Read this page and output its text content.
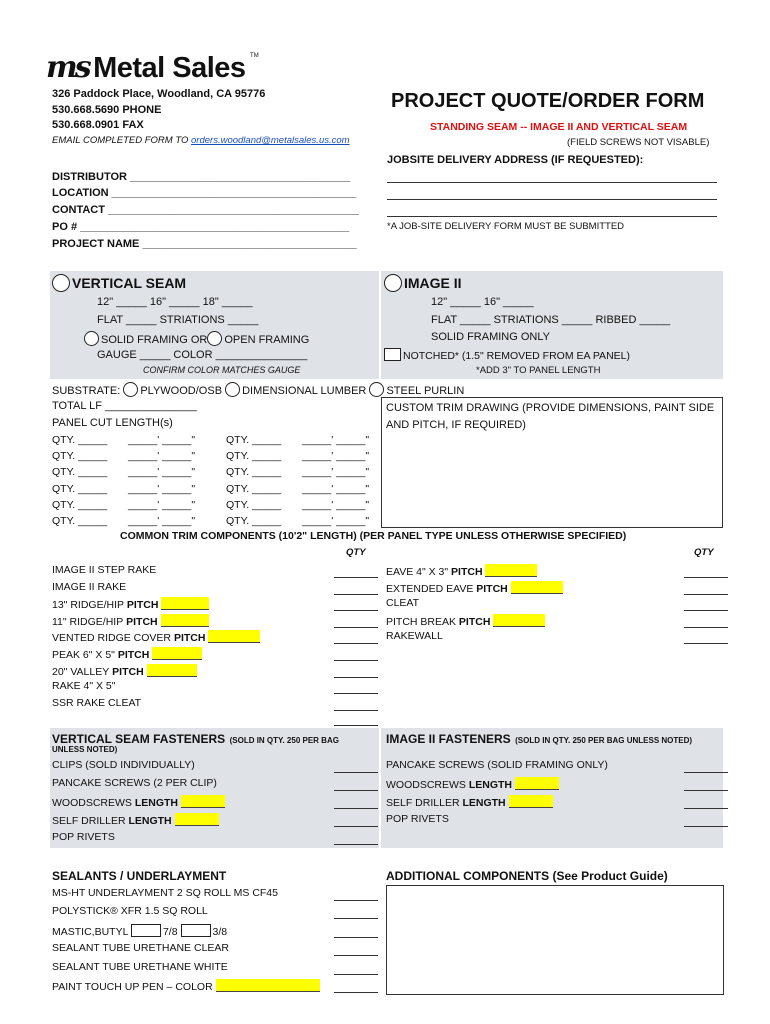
ms Metal Sales ™
326 Paddock Place, Woodland, CA 95776
530.668.5690 PHONE
530.668.0901 FAX
EMAIL COMPLETED FORM TO orders.woodland@metalsales.us.com
PROJECT QUOTE/ORDER FORM
STANDING SEAM -- IMAGE II AND VERTICAL SEAM
(FIELD SCREWS NOT VISABLE)
JOBSITE DELIVERY ADDRESS (IF REQUESTED):
*A JOB-SITE DELIVERY FORM MUST BE SUBMITTED
DISTRIBUTOR ____________________________________
LOCATION ________________________________________
CONTACT _________________________________________
PO # ____________________________________________
PROJECT NAME ___________________________________
VERTICAL SEAM
12" _____ 16" _____ 18" _____
FLAT _____ STRIATIONS _____
SOLID FRAMING OR OPEN FRAMING
GAUGE _____ COLOR _______________
CONFIRM COLOR MATCHES GAUGE
IMAGE II
12" _____ 16" _____
FLAT _____ STRIATIONS _____ RIBBED _____
SOLID FRAMING ONLY
NOTCHED* (1.5" REMOVED FROM EA PANEL)
*ADD 3" TO PANEL LENGTH
SUBSTRATE: PLYWOOD/OSB DIMENSIONAL LUMBER STEEL PURLIN
TOTAL LF _______________
PANEL CUT LENGTH(s)
CUSTOM TRIM DRAWING (PROVIDE DIMENSIONS, PAINT SIDE AND PITCH, IF REQUIRED)
QTY. _____ _____' _____"	QTY. _____ _____' _____"
QTY. _____ _____' _____"	QTY. _____ _____' _____"
QTY. _____ _____' _____"	QTY. _____ _____' _____"
QTY. _____ _____' _____"	QTY. _____ _____' _____"
QTY. _____ _____' _____"	QTY. _____ _____' _____"
QTY. _____ _____' _____"	QTY. _____ _____' _____"
COMMON TRIM COMPONENTS (10'2" LENGTH) (PER PANEL TYPE UNLESS OTHERWISE SPECIFIED)
QTY	QTY
IMAGE II STEP RAKE
IMAGE II RAKE
13" RIDGE/HIP PITCH
11" RIDGE/HIP PITCH
VENTED RIDGE COVER PITCH
PEAK 6" X 5" PITCH
20" VALLEY PITCH
RAKE 4" X 5"
SSR RAKE CLEAT
EAVE 4" X 3" PITCH
EXTENDED EAVE PITCH
CLEAT
PITCH BREAK PITCH
RAKEWALL
VERTICAL SEAM FASTENERS (SOLD IN QTY. 250 PER BAG
UNLESS NOTED)
IMAGE II FASTENERS (SOLD IN QTY. 250 PER BAG UNLESS NOTED)
CLIPS (SOLD INDIVIDUALLY)
PANCAKE SCREWS (2 PER CLIP)
WOODSCREWS LENGTH
SELF DRILLER LENGTH
POP RIVETS
PANCAKE SCREWS (SOLID FRAMING ONLY)
WOODSCREWS LENGTH
SELF DRILLER LENGTH
POP RIVETS
SEALANTS / UNDERLAYMENT
MS-HT UNDERLAYMENT 2 SQ ROLL MS CF45
POLYSTICK® XFR 1.5 SQ ROLL
MASTIC,BUTYL	7/8	3/8
SEALANT TUBE URETHANE CLEAR
SEALANT TUBE URETHANE WHITE
PAINT TOUCH UP PEN – COLOR
ADDITIONAL COMPONENTS (See Product Guide)
